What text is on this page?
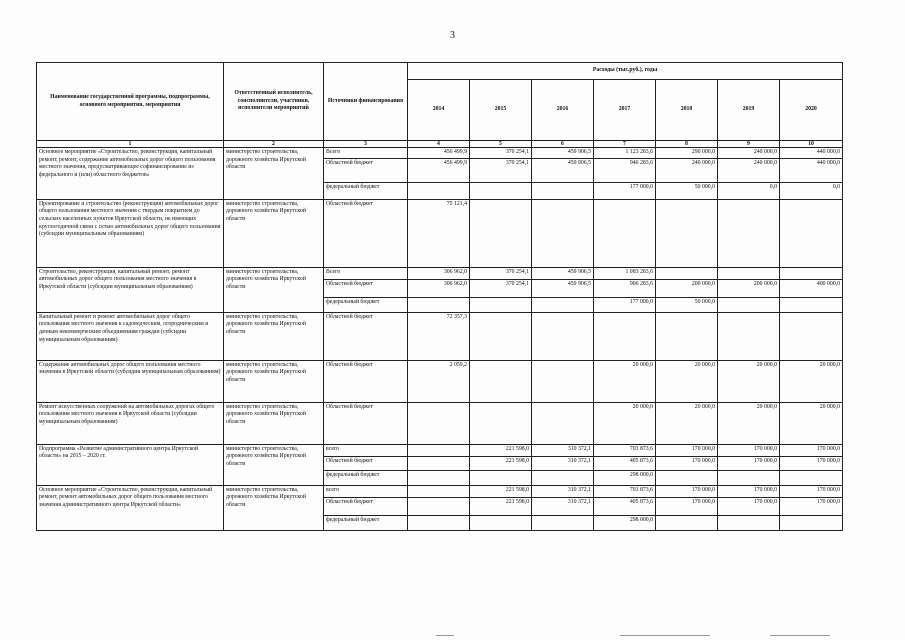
3
Наименование государственной программы, подпрограммы, основного мероприятия, мероприятия	Ответственный исполнитель, соисполнители, участники, исполнители мероприятий	Источники финансирования	Расходы (тыс.руб.), годы						
			2014	2015	2016	2017	2018	2019	2020
1	2	3	4	5	6	7	8	9	10
Основное мероприятие «Строительство, реконструкция, капитальный ремонт, ремонт, содержание автомобильных дорог общего пользования местного значения, предусматривающее софинансирование из федерального и (или) областного бюджетов»	министерство строительства, дорожного хозяйства Иркутской области	Всего	456 499,9	370 254,1	459 906,5	1 123 283,6	290 000,0	240 000,0	440 000,0
		Областной бюджет	456 499,9	370 254,1	459 906,5	946 283,6	240 000,0	240 000,0	440 000,0
		федеральный бюджет				177 000,0	50 000,0	0,0	0,0
Проектирование и строительство (реконструкция) автомобильных дорог общего пользования местного значения с твердым покрытием до сельских населенных пунктов Иркутской области, не имеющих круглогодичной связи с сетью автомобильных дорог общего пользования (субсидии муниципальным образованиям)	министерство строительства, дорожного хозяйства Иркутской области	Областной бюджет	75 121,4						
Строительство, реконструкция, капитальный ремонт, ремонт автомобильных дорог общего пользования местного значения в Иркутской области (субсидии муниципальным образованиям)	министерство строительства, дорожного хозяйства Иркутской области	Всего	306 962,0	370 254,1	459 906,5	1 083 283,6			
		Областной бюджет	306 962,0	370 254,1	459 906,5	906 283,6	200 000,0	200 000,0	400 000,0
		федеральный бюджет				177 000,0	50 000,0		
Капитальный ремонт и ремонт автомобильных дорог общего пользования местного значения к садоводческим, огородническим и дачным некоммерческим объединениям граждан (субсидии муниципальным образованиям)	министерство строительства, дорожного хозяйства Иркутской области	Областной бюджет	72 357,3						
Содержание автомобильных дорог общего пользования местного значения в Иркутской области (субсидии муниципальным образованиям)	министерство строительства, дорожного хозяйства Иркутской области	Областной бюджет	2 059,2			20 000,0	20 000,0	20 000,0	20 000,0
Ремонт искусственных сооружений на автомобильных дорогах общего пользования местного значения в Иркутской области (субсидии муниципальным образованиям)	министерство строительства, дорожного хозяйства Иркутской области	Областной бюджет				20 000,0	20 000,0	20 000,0	20 000,0
Подпрограмма «Развитие административного центра Иркутской области» на 2015 – 2020 гг.	министерство строительства, дорожного хозяйства Иркутской области	всего		221 598,0	310 372,1	703 873,6	170 000,0	170 000,0	170 000,0
		Областной бюджет		221 598,0	310 372,1	405 873,6	170 000,0	170 000,0	170 000,0
		федеральный бюджет				298 000,0			
Основное мероприятие «Строительство, реконструкция, капитальный ремонт, ремонт автомобильных дорог общего пользования местного значения административного центра Иркутской области»	министерство строительства, дорожного хозяйства Иркутской области	всего		221 598,0	310 372,1	703 873,6	170 000,0	170 000,0	170 000,0
		Областной бюджет		221 598,0	310 372,1	405 873,6	170 000,0	170 000,0	170 000,0
		федеральный бюджет				298 000,0			
